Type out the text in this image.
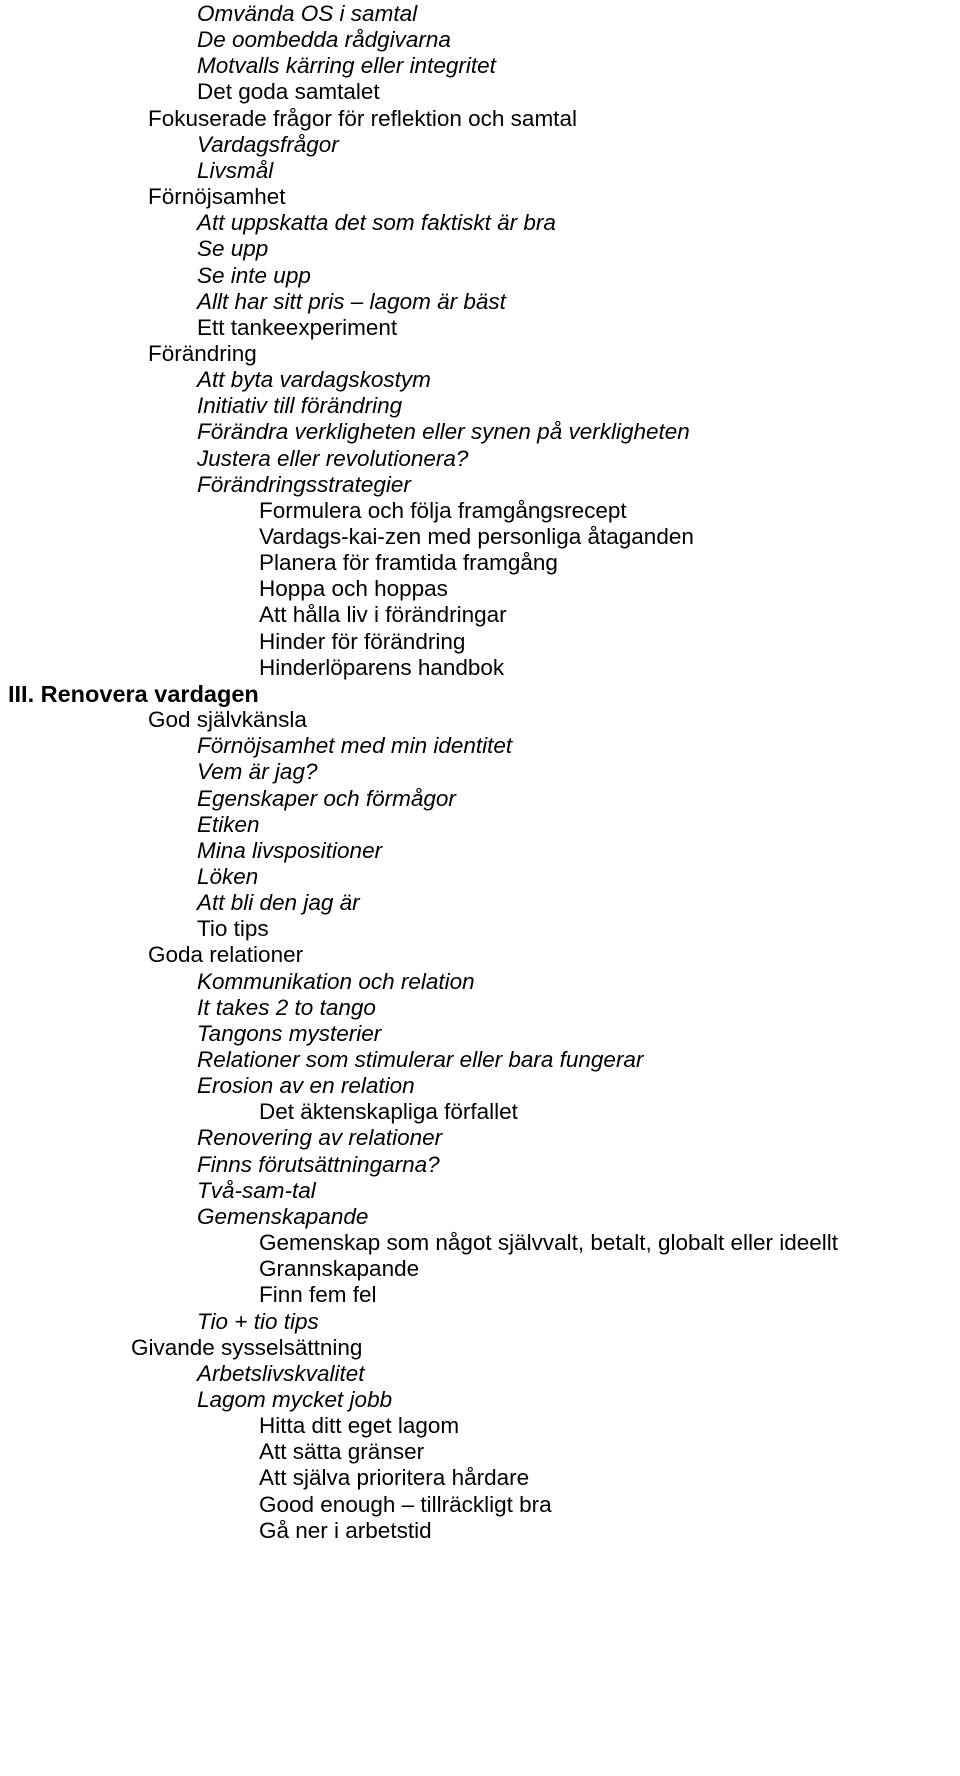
Omvända OS i samtal
De oombedda rådgivarna
Motvalls kärring eller integritet
Det goda samtalet
Fokuserade frågor för reflektion och samtal
Vardagsfrågor
Livsmål
Förnöjsamhet
Att uppskatta det som faktiskt är bra
Se upp
Se inte upp
Allt har sitt pris – lagom är bäst
Ett tankeexperiment
Förändring
Att byta vardagskostym
Initiativ till förändring
Förändra verkligheten eller synen på verkligheten
Justera eller revolutionera?
Förändringsstrategier
Formulera och följa framgångsrecept
Vardags-kai-zen med personliga åtaganden
Planera för framtida framgång
Hoppa och hoppas
Att hålla liv i förändringar
Hinder för förändring
Hinderlöparens handbok
III. Renovera vardagen
God självkänsla
Förnöjsamhet med min identitet
Vem är jag?
Egenskaper och förmågor
Etiken
Mina livspositioner
Löken
Att bli den jag är
Tio tips
Goda relationer
Kommunikation och relation
It takes 2 to tango
Tangons mysterier
Relationer som stimulerar eller bara fungerar
Erosion av en relation
Det äktenskapliga förfallet
Renovering av relationer
Finns förutsättningarna?
Två-sam-tal
Gemenskapande
Gemenskap som något självvalt, betalt, globalt eller ideellt
Grannskapande
Finn fem fel
Tio + tio tips
Givande sysselsättning
Arbetslivskvalitet
Lagom mycket jobb
Hitta ditt eget lagom
Att sätta gränser
Att själva prioritera hårdare
Good enough – tillräckligt bra
Gå ner i arbetstid
